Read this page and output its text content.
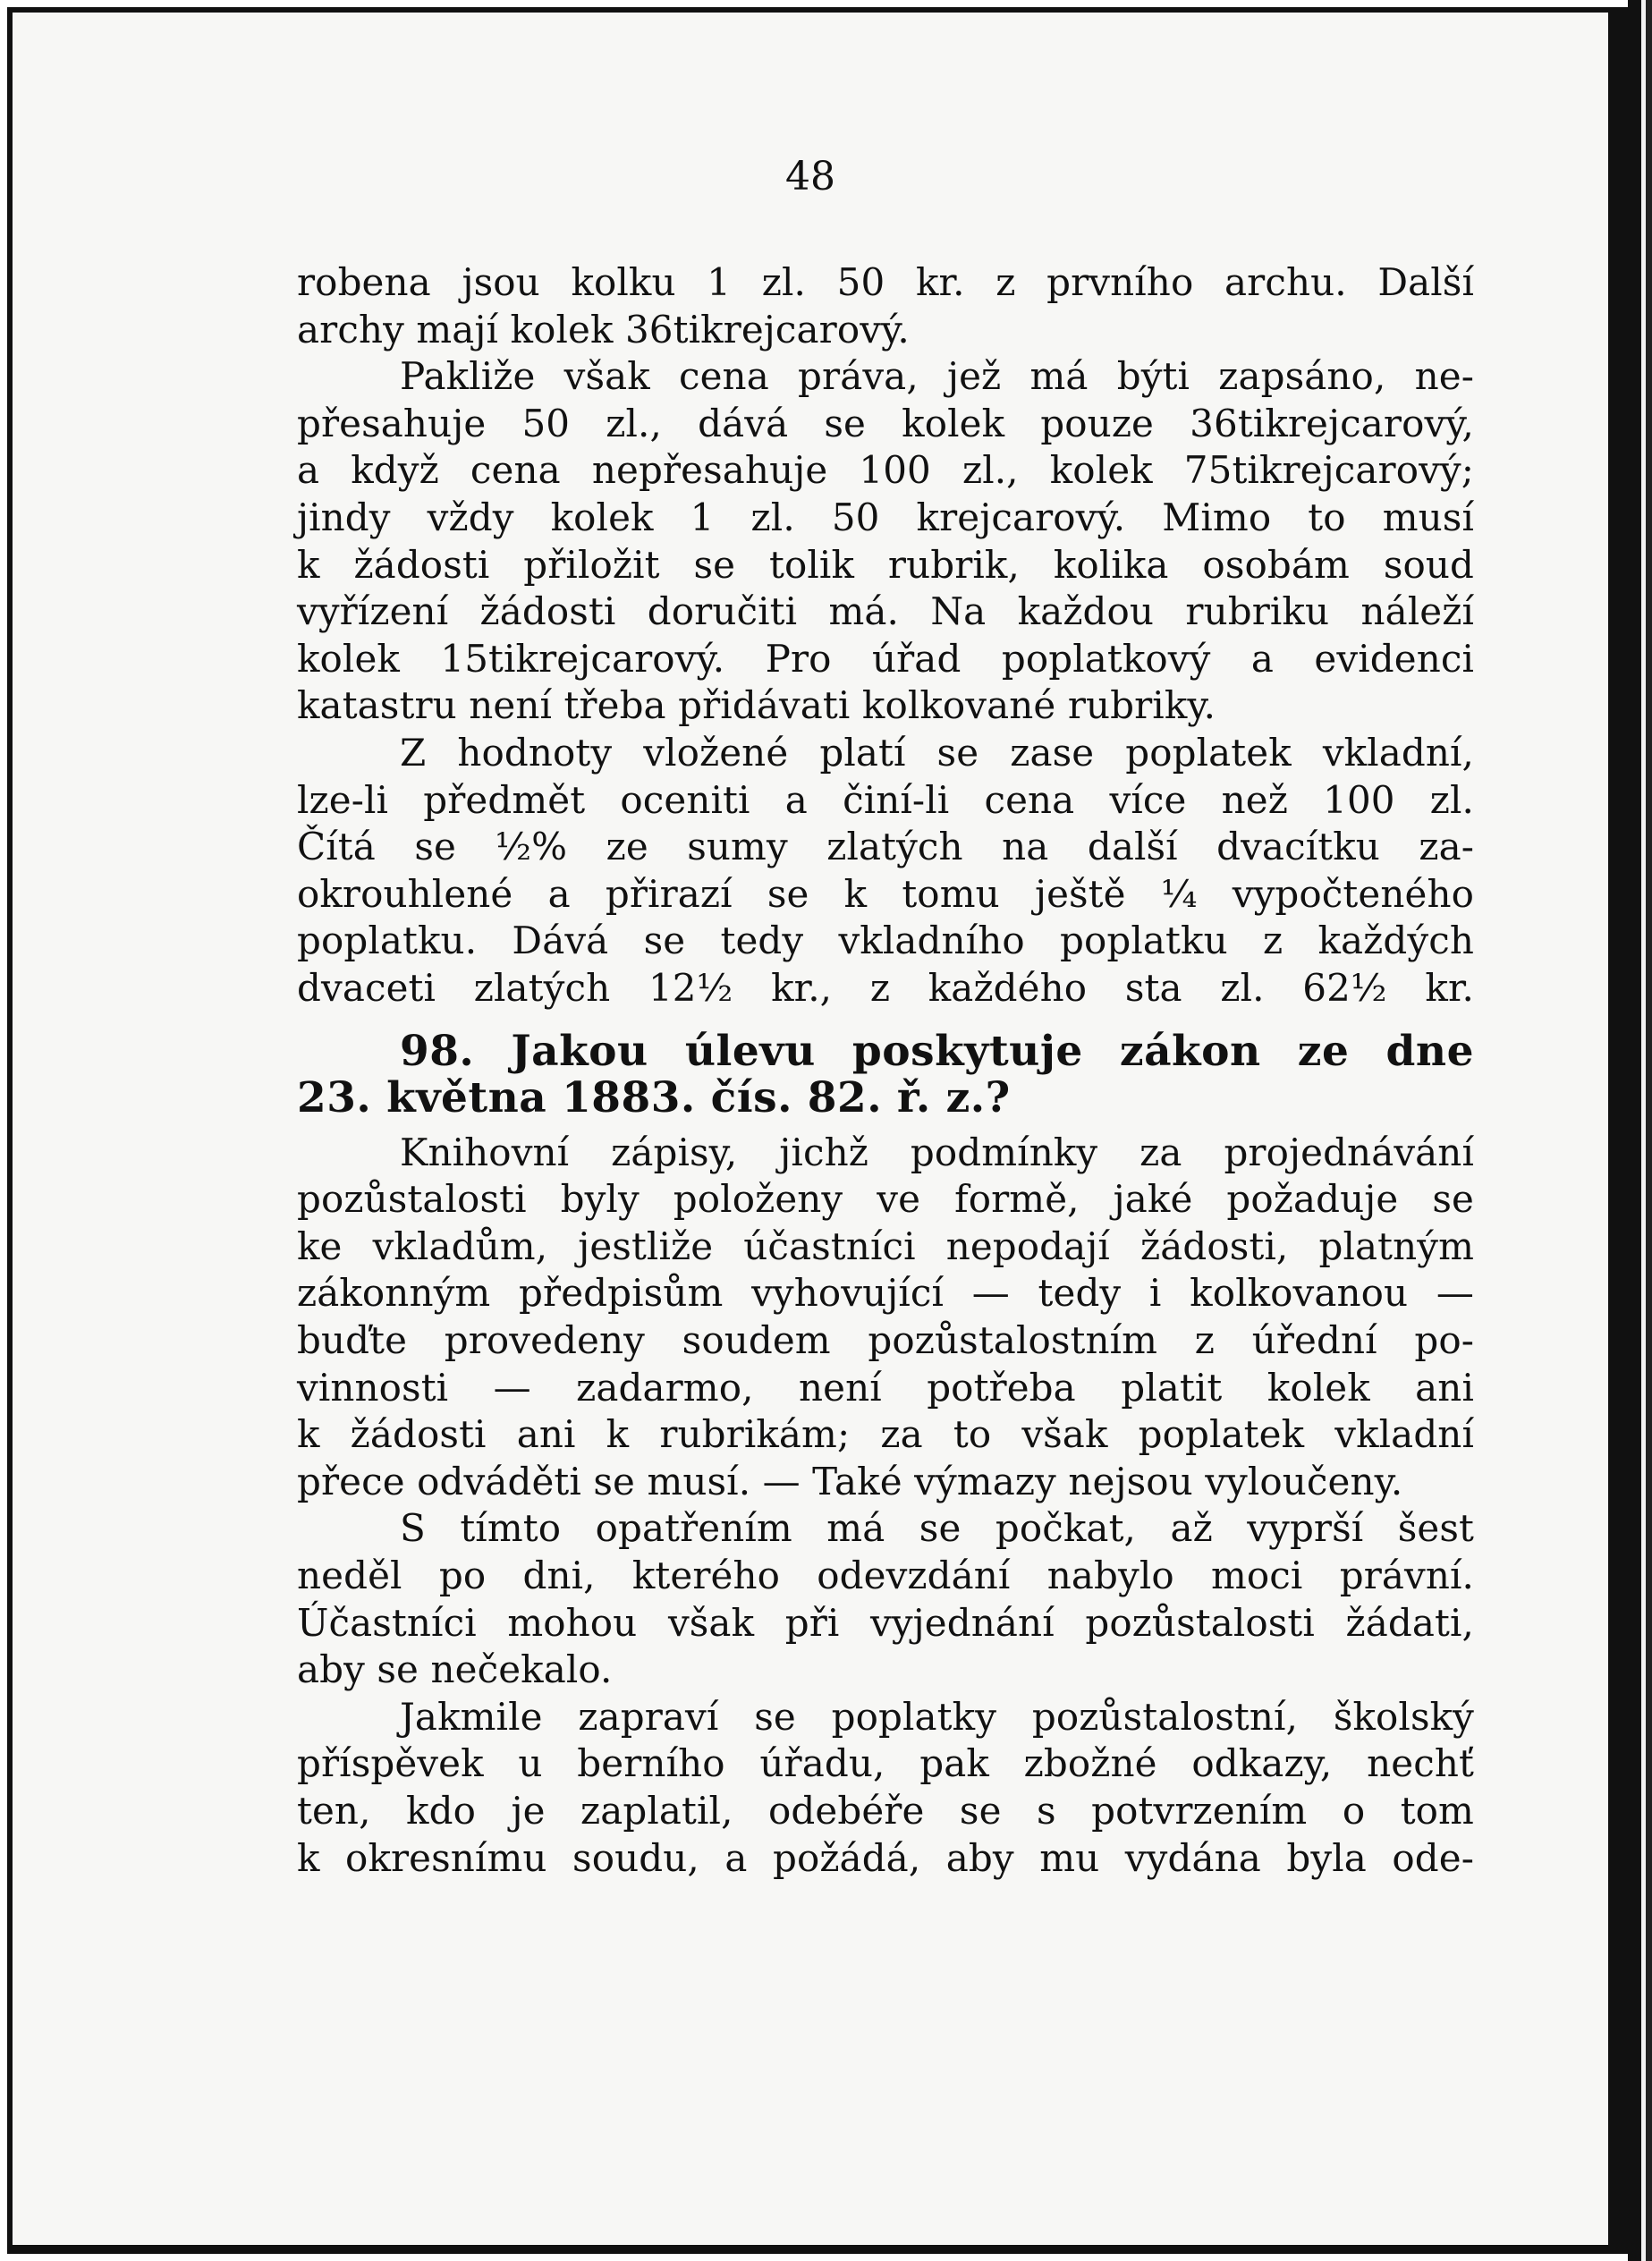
48
robena jsou kolku 1 zl. 50 kr. z prvního archu. Další
archy mají kolek 36tikrejcarový.
Pakliže však cena práva, jež má býti zapsáno, ne-
přesahuje 50 zl., dává se kolek pouze 36tikrejcarový,
a když cena nepřesahuje 100 zl., kolek 75tikrejcarový;
jindy vždy kolek 1 zl. 50 krejcarový. Mimo to musí
k žádosti přiložit se tolik rubrik, kolika osobám soud
vyřízení žádosti doručiti má. Na každou rubriku náleží
kolek 15tikrejcarový. Pro úřad poplatkový a evidenci
katastru není třeba přidávati kolkované rubriky.
Z hodnoty vložené platí se zase poplatek vkladní,
lze-li předmět oceniti a činí-li cena více než 100 zl.
Čítá se ½% ze sumy zlatých na další dvacítku za-
okrouhlené a přirazí se k tomu ještě ¼ vypočteného
poplatku. Dává se tedy vkladního poplatku z každých
dvaceti zlatých 12½ kr., z každého sta zl. 62½ kr.
98. Jakou úlevu poskytuje zákon ze dne
23. května 1883. čís. 82. ř. z.?
Knihovní zápisy, jichž podmínky za projednávání
pozůstalosti byly položeny ve formě, jaké požaduje se
ke vkladům, jestliže účastníci nepodají žádosti, platným
zákonným předpisům vyhovující — tedy i kolkovanou —
buďte provedeny soudem pozůstalostním z úřední po-
vinnosti — zadarmo, není potřeba platit kolek ani
k žádosti ani k rubrikám; za to však poplatek vkladní
přece odváděti se musí. — Také výmazy nejsou vyloučeny.
S tímto opatřením má se počkat, až vyprší šest
neděl po dni, kterého odevzdání nabylo moci právní.
Účastníci mohou však při vyjednání pozůstalosti žádati,
aby se nečekalo.
Jakmile zapraví se poplatky pozůstalostní, školský
příspěvek u berního úřadu, pak zbožné odkazy, nechť
ten, kdo je zaplatil, odebéře se s potvrzením o tom
k okresnímu soudu, a požádá, aby mu vydána byla ode-
